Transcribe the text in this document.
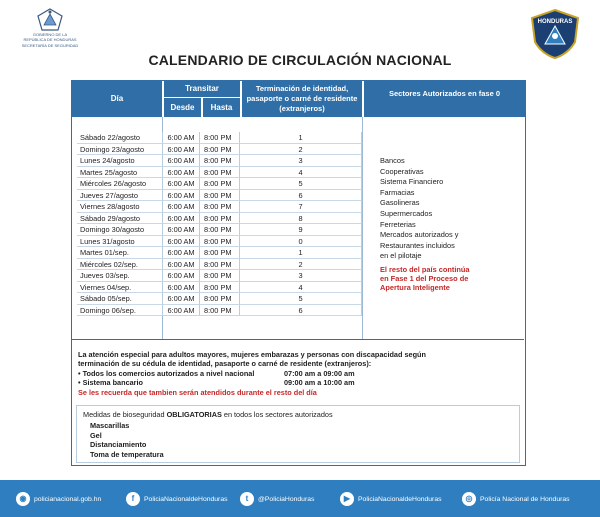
GOBIERNO DE LA
REPÚBLICA DE HONDURAS
SECRETARÍA DE SEGURIDAD
HONDURAS
CALENDARIO DE CIRCULACIÓN NACIONAL
Día
Transitar
Desde	Hasta
Terminación de identidad, pasaporte o carné de residente (extranjeros)
Sectores Autorizados en fase 0
Sábado 22/agosto	6:00 AM	8:00 PM	1
Domingo 23/agosto	6:00 AM	8:00 PM	2
Lunes 24/agosto	6:00 AM	8:00 PM	3
Martes 25/agosto	6:00 AM	8:00 PM	4
Miércoles 26/agosto	6:00 AM	8:00 PM	5
Jueves 27/agosto	6:00 AM	8:00 PM	6
Viernes 28/agosto	6:00 AM	8:00 PM	7
Sábado 29/agosto	6:00 AM	8:00 PM	8
Domingo 30/agosto	6:00 AM	8:00 PM	9
Lunes 31/agosto	6:00 AM	8:00 PM	0
Martes 01/sep.	6:00 AM	8:00 PM	1
Miércoles 02/sep.	6:00 AM	8:00 PM	2
Jueves 03/sep.	6:00 AM	8:00 PM	3
Viernes 04/sep.	6:00 AM	8:00 PM	4
Sábado 05/sep.	6:00 AM	8:00 PM	5
Domingo 06/sep.	6:00 AM	8:00 PM	6
Bancos
Cooperativas
Sistema Financiero
Farmacias
Gasolineras
Supermercados
Ferreterias
Mercados autorizados y
Restaurantes incluidos
en el pilotaje
El resto del país continúa
en Fase 1 del Proceso de
Apertura Inteligente
La atención especial para adultos mayores, mujeres embarazas y personas con discapacidad según
terminación de su cédula de identidad, pasaporte o carné de residente (extranjeros):
• Todos los comercios autorizados a nivel nacional	07:00 am a 09:00 am
• Sistema bancario	09:00 am a 10:00 am
Se les recuerda que tambien serán atendidos durante el resto del día
Medidas de bioseguridad OBLIGATORIAS en todos los sectores autorizados
Mascarillas
Gel
Distanciamiento
Toma de temperatura
◉	policianacional.gob.hn	f	PoliciaNacionaldeHonduras	t	@PoliciaHonduras	▶	PoliciaNacionaldeHonduras	◎	Policía Nacional de Honduras
